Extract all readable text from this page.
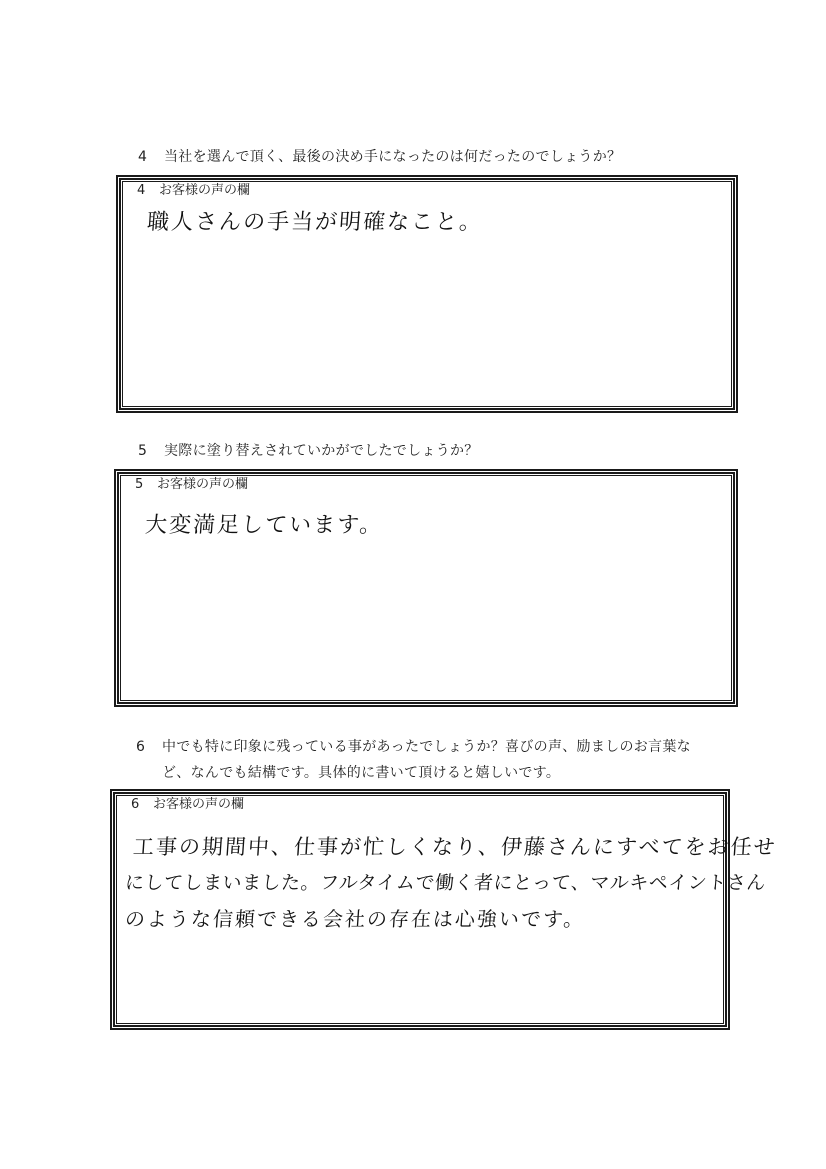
4 当社を選んで頂く、最後の決め手になったのは何だったのでしょうか？
4 お客様の声の欄
職人さんの手当が明確なこと。
5 実際に塗り替えされていかがでしたでしょうか？
5 お客様の声の欄
大変満足しています。
6 中でも特に印象に残っている事があったでしょうか？喜びの声、励ましのお言葉な
ど、なんでも結構です。具体的に書いて頂けると嬉しいです。
6 お客様の声の欄
工事の期間中、仕事が忙しくなり、伊藤さんにすべてをお任せ
にしてしまいました。フルタイムで働く者にとって、マルキペイントさん
のような信頼できる会社の存在は心強いです。
